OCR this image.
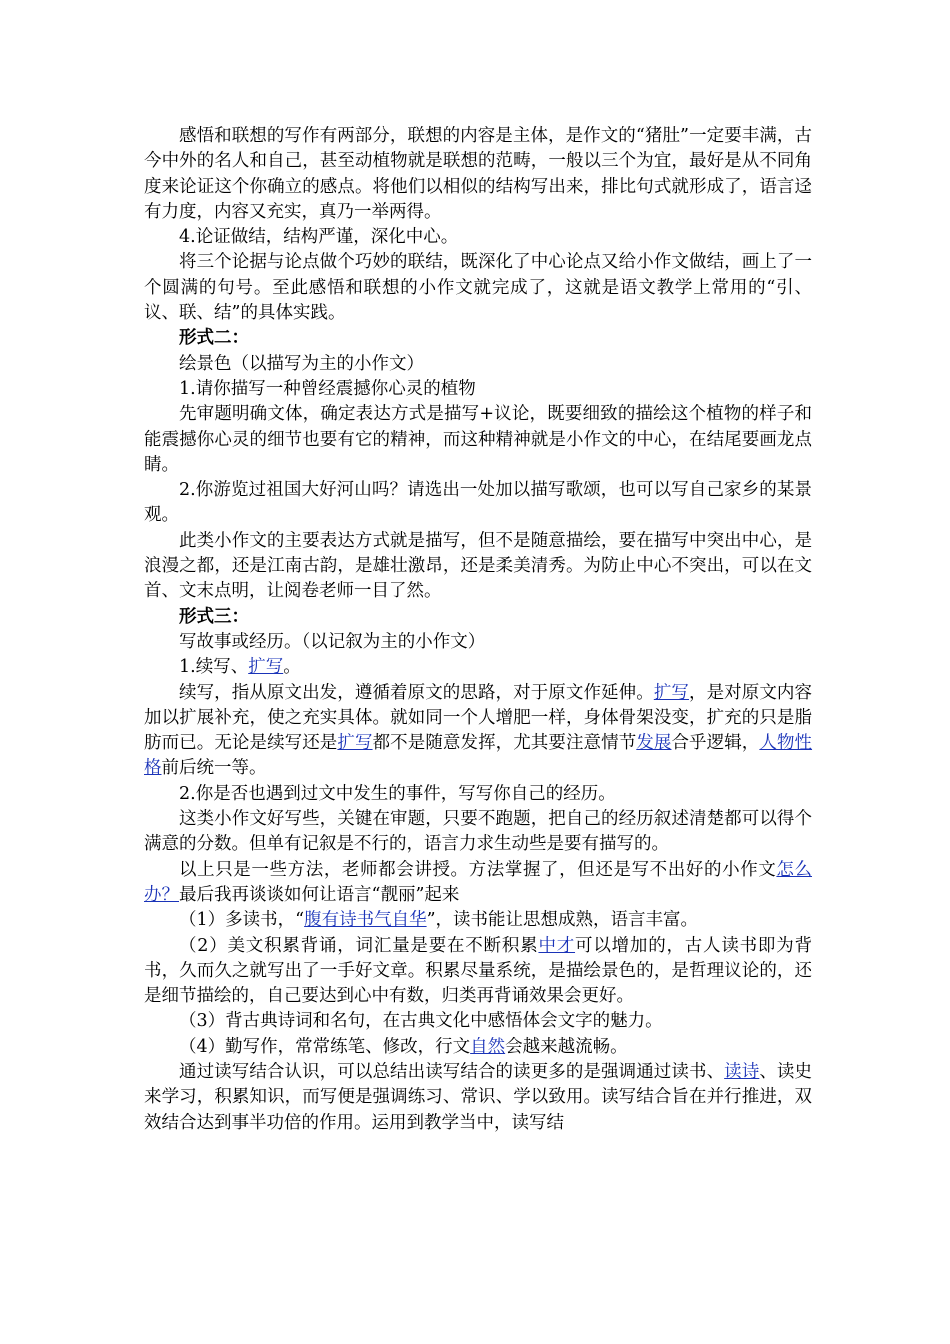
感悟和联想的写作有两部分，联想的内容是主体，是作文的“猪肚”一定要丰满，古今中外的名人和自己，甚至动植物就是联想的范畴，一般以三个为宜，最好是从不同角度来论证这个你确立的感点。将他们以相似的结构写出来，排比句式就形成了，语言迳有力度，内容又充实，真乃一举两得。

4.论证做结，结构严谨，深化中心。

将三个论据与论点做个巧妙的联结，既深化了中心论点又给小作文做结，画上了一个圆满的句号。至此感悟和联想的小作文就完成了，这就是语文教学上常用的“引、议、联、结”的具体实践。

形式二：

绘景色（以描写为主的小作文）

1.请你描写一种曾经震撼你心灵的植物

先审题明确文体，确定表达方式是描写+议论，既要细致的描绘这个植物的样子和能震撼你心灵的细节也要有它的精神，而这种精神就是小作文的中心，在结尾要画龙点睛。

2.你游览过祖国大好河山吗？请选出一处加以描写歌颂，也可以写自己家乡的某景观。

此类小作文的主要表达方式就是描写，但不是随意描绘，要在描写中突出中心，是浪漫之都，还是江南古韵，是雄壮激昂，还是柔美清秀。为防止中心不突出，可以在文首、文末点明，让阅卷老师一目了然。

形式三：

写故事或经历。（以记叙为主的小作文）

1.续写、扩写。

续写，指从原文出发，遵循着原文的思路，对于原文作延伸。扩写，是对原文内容加以扩展补充，使之充实具体。就如同一个人增肥一样，身体骨架没变，扩充的只是脂肪而已。无论是续写还是扩写都不是随意发挥，尤其要注意情节发展合乎逻辑，人物性格前后统一等。

2.你是否也遇到过文中发生的事件，写写你自己的经历。

这类小作文好写些，关键在审题，只要不跑题，把自己的经历叙述清楚都可以得个满意的分数。但单有记叙是不行的，语言力求生动些是要有描写的。

以上只是一些方法，老师都会讲授。方法掌握了，但还是写不出好的小作文怎么办？最后我再谈谈如何让语言“靓丽”起来

（1）多读书，“腹有诗书气自华”，读书能让思想成熟，语言丰富。

（2）美文积累背诵，词汇量是要在不断积累中才可以增加的，古人读书即为背书，久而久之就写出了一手好文章。积累尽量系统，是描绘景色的，是哲理议论的，还是细节描绘的，自己要达到心中有数，归类再背诵效果会更好。

（3）背古典诗词和名句，在古典文化中感悟体会文字的魅力。

（4）勤写作，常常练笔、修改，行文自然会越来越流畅。

通过读写结合认识，可以总结出读写结合的读更多的是强调通过读书、读诗、读史来学习，积累知识，而写便是强调练习、常识、学以致用。读写结合旨在并行推进，双效结合达到事半功倍的作用。运用到教学当中，读写结
